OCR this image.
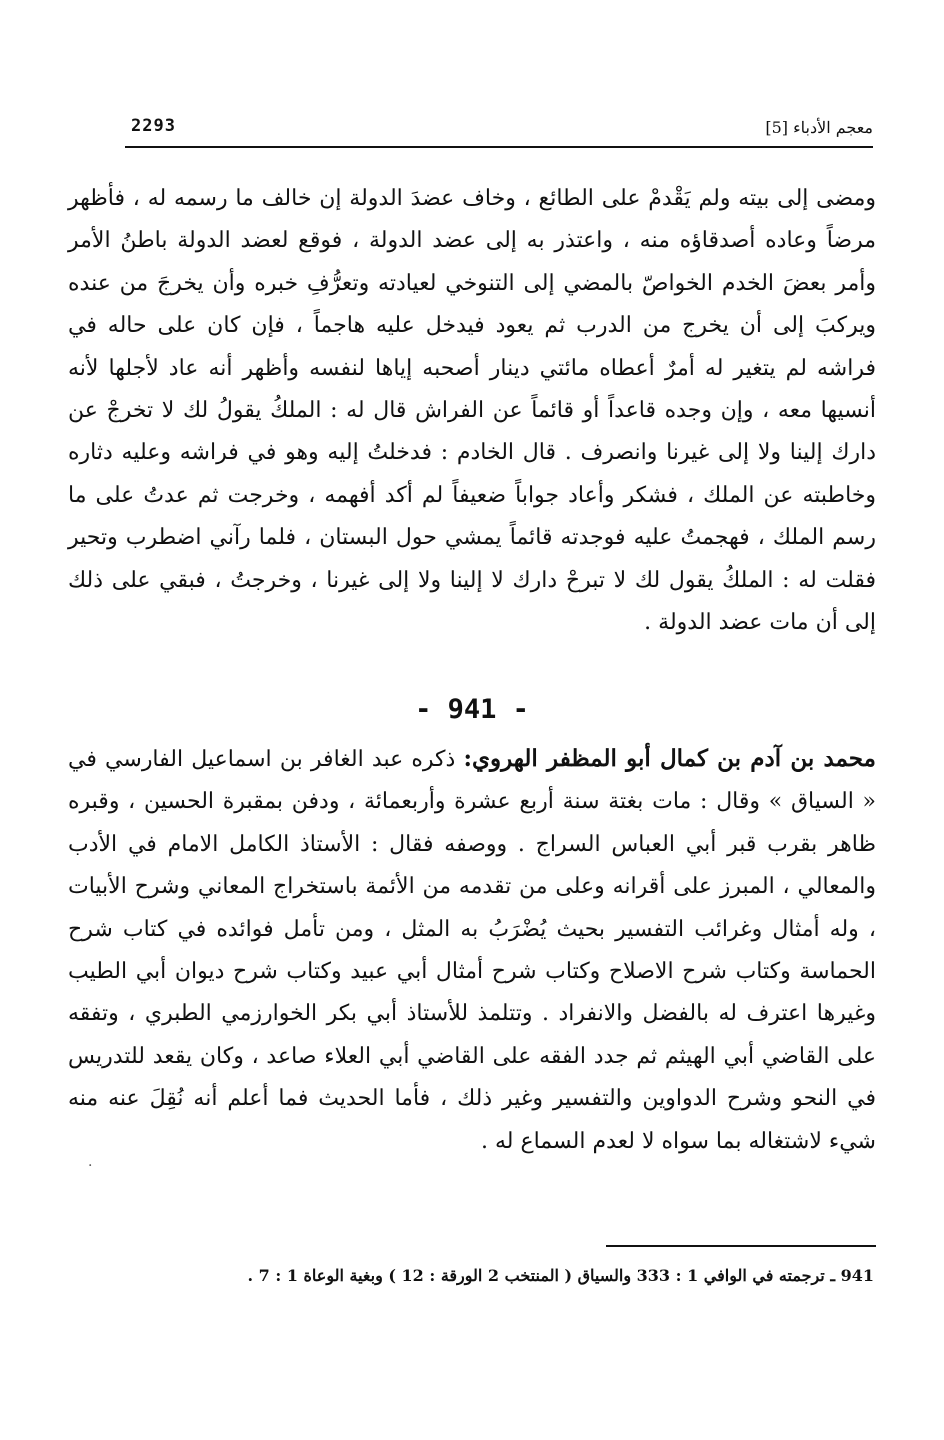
2293	معجم الأدباء [5]

ومضى إلى بيته ولم يَقْدمْ على الطائع ، وخاف عضدَ الدولة إن خالف ما رسمه له ، فأظهر مرضاً وعاده أصدقاؤه منه ، واعتذر به إلى عضد الدولة ، فوقع لعضد الدولة باطنُ الأمر وأمر بعضَ الخدم الخواصّ بالمضي إلى التنوخي لعيادته وتعرُّفِ خبره وأن يخرجَ من عنده ويركبَ إلى أن يخرج من الدرب ثم يعود فيدخل عليه هاجماً ، فإن كان على حاله في فراشه لم يتغير له أمرٌ أعطاه مائتي دينار أصحبه إياها لنفسه وأظهر أنه عاد لأجلها لأنه أنسيها معه ، وإن وجده قاعداً أو قائماً عن الفراش قال له : الملكُ يقولُ لك لا تخرجْ عن دارك إلينا ولا إلى غيرنا وانصرف . قال الخادم : فدخلتُ إليه وهو في فراشه وعليه دثاره وخاطبته عن الملك ، فشكر وأعاد جواباً ضعيفاً لم أكد أفهمه ، وخرجت ثم عدتُ على ما رسم الملك ، فهجمتُ عليه فوجدته قائماً يمشي حول البستان ، فلما رآني اضطرب وتحير فقلت له : الملكُ يقول لك لا تبرحْ دارك لا إلينا ولا إلى غيرنا ، وخرجتُ ، فبقي على ذلك إلى أن مات عضد الدولة .

- 941 -

محمد بن آدم بن كمال أبو المظفر الهروي: ذكره عبد الغافر بن اسماعيل الفارسي في « السياق » وقال : مات بغتة سنة أربع عشرة وأربعمائة ، ودفن بمقبرة الحسين ، وقبره ظاهر بقرب قبر أبي العباس السراج . ووصفه فقال : الأستاذ الكامل الامام في الأدب والمعالي ، المبرز على أقرانه وعلى من تقدمه من الأئمة باستخراج المعاني وشرح الأبيات ، وله أمثال وغرائب التفسير بحيث يُضْرَبُ به المثل ، ومن تأمل فوائده في كتاب شرح الحماسة وكتاب شرح الاصلاح وكتاب شرح أمثال أبي عبيد وكتاب شرح ديوان أبي الطيب وغيرها اعترف له بالفضل والانفراد . وتتلمذ للأستاذ أبي بكر الخوارزمي الطبري ، وتفقه على القاضي أبي الهيثم ثم جدد الفقه على القاضي أبي العلاء صاعد ، وكان يقعد للتدريس في النحو وشرح الدواوين والتفسير وغير ذلك ، فأما الحديث فما أعلم أنه نُقِلَ عنه منه شيء لاشتغاله بما سواه لا لعدم السماع له .

941 ـ ترجمته في الوافي 1 : 333 والسياق ( المنتخب 2 الورقة : 12 ) وبغية الوعاة 1 : 7 .
·
